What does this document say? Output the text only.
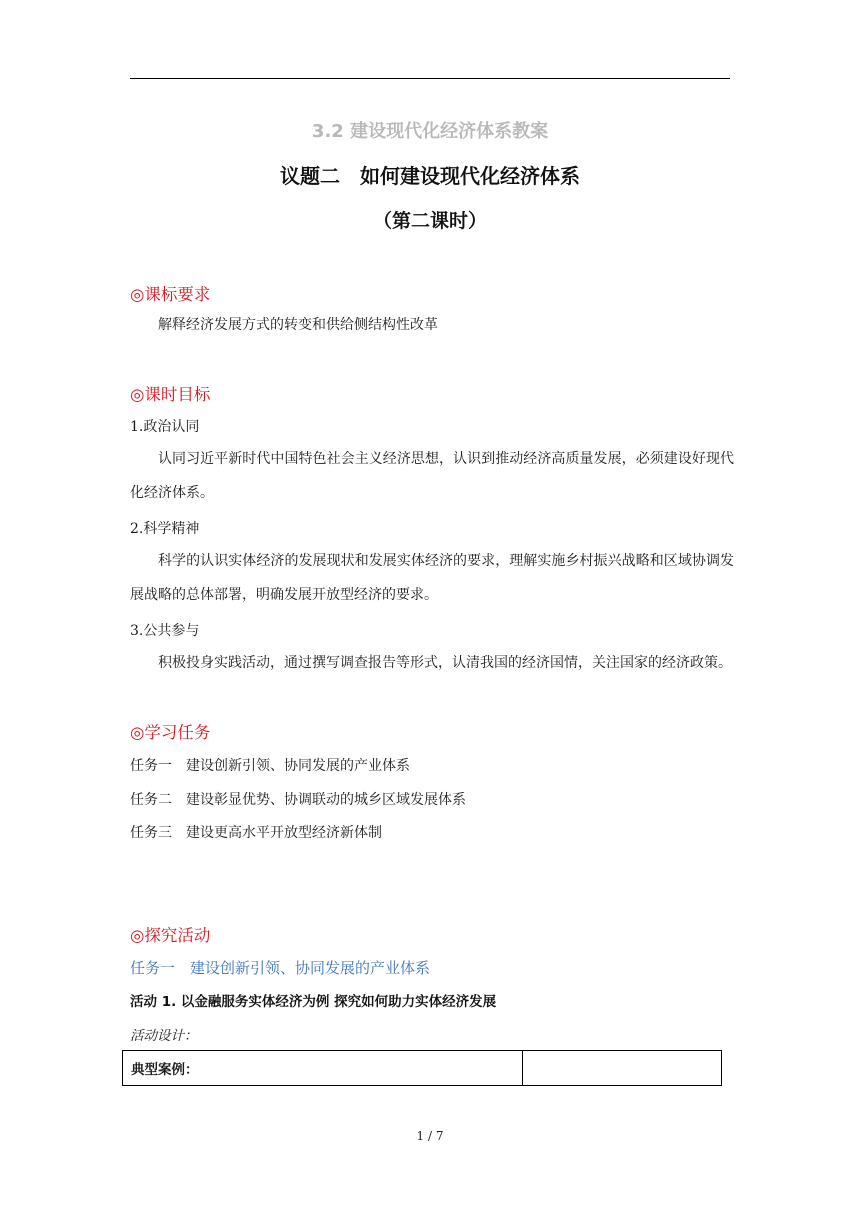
3.2 建设现代化经济体系教案
议题二　如何建设现代化经济体系
（第二课时）
◎课标要求
解释经济发展方式的转变和供给侧结构性改革
◎课时目标
1.政治认同
认同习近平新时代中国特色社会主义经济思想，认识到推动经济高质量发展，必须建设好现代化经济体系。
2.科学精神
科学的认识实体经济的发展现状和发展实体经济的要求，理解实施乡村振兴战略和区域协调发展战略的总体部署，明确发展开放型经济的要求。
3.公共参与
积极投身实践活动，通过撰写调查报告等形式，认清我国的经济国情，关注国家的经济政策。
◎学习任务
任务一　建设创新引领、协同发展的产业体系
任务二　建设彰显优势、协调联动的城乡区域发展体系
任务三　建设更高水平开放型经济新体制
◎探究活动
任务一　建设创新引领、协同发展的产业体系
活动 1. 以金融服务实体经济为例 探究如何助力实体经济发展
活动设计：
典型案例：	
1 / 7
